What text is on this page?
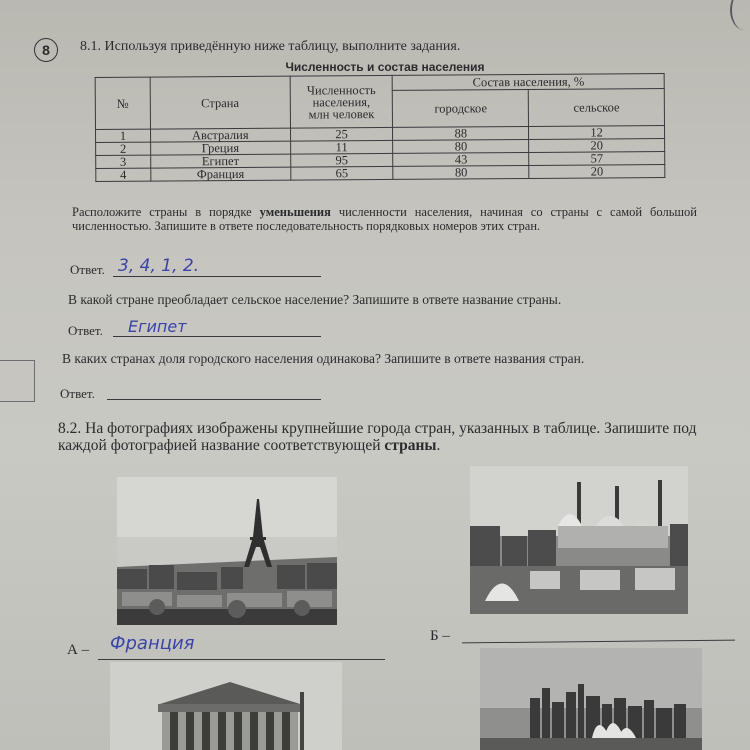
8	8.1. Используя приведённую ниже таблицу, выполните задания.
Численность и состав населения
№	Страна	Численность
населения,
млн человек	Состав населения, %	
			городское	сельское
1	Австралия	25	88	12
2	Греция	11	80	20
3	Египет	95	43	57
4	Франция	65	80	20
Расположите страны в порядке уменьшения численности населения, начиная со страны с самой большой численностью. Запишите в ответе последовательность порядковых номеров этих стран.
Ответ. 3, 4, 1, 2.
В какой стране преобладает сельское население? Запишите в ответе название страны.
Ответ. Египет
В каких странах доля городского населения одинакова? Запишите в ответе названия стран.
Ответ.
8.2. На фотографиях изображены крупнейшие города стран, указанных в таблице. Запишите под каждой фотографией название соответствующей страны.
А – Франция	Б –
